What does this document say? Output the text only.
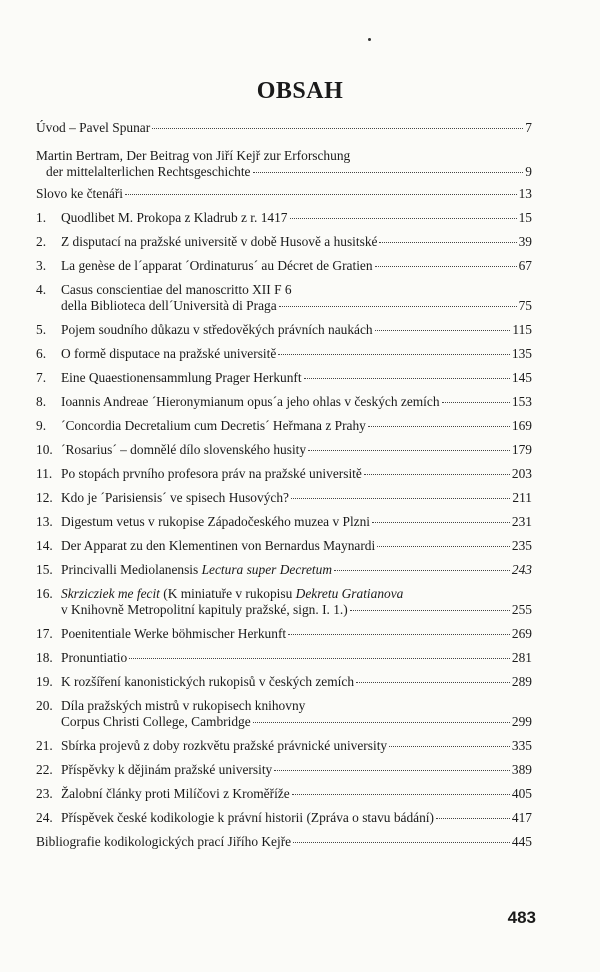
OBSAH
Úvod – Pavel Spunar	7
Martin Bertram, Der Beitrag von Jiří Kejř zur Erforschung
der mittelalterlichen Rechtsgeschichte	9
Slovo ke čtenáři	13
1.	Quodlibet M. Prokopa z Kladrub z r. 1417	15
2.	Z disputací na pražské universitě v době Husově a husitské	39
3.	La genèse de l´apparat ´Ordinaturus´ au Décret de Gratien	67
4.	Casus conscientiae del manoscritto XII F 6
della Biblioteca dell´Università di Praga	75
5.	Pojem soudního důkazu v středověkých právních naukách	115
6.	O formě disputace na pražské universitě	135
7.	Eine Quaestionensammlung Prager Herkunft	145
8.	Ioannis Andreae ´Hieronymianum opus´a jeho ohlas v českých zemích	153
9.	´Concordia Decretalium cum Decretis´ Heřmana z Prahy	169
10. ´Rosarius´ – domnělé dílo slovenského husity	179
11. Po stopách prvního profesora práv na pražské universitě	203
12. Kdo je ´Parisiensis´ ve spisech Husových?	211
13. Digestum vetus v rukopise Západočeského muzea v Plzni	231
14. Der Apparat zu den Klementinen von Bernardus Maynardi	235
15. Princivalli Mediolanensis Lectura super Decretum	243
16. Skrzicziek me fecit (K miniatuře v rukopisu Dekretu Gratianova
v Knihovně Metropolitní kapituly pražské, sign. I. 1.)	255
17. Poenitentiale Werke böhmischer Herkunft	269
18. Pronuntiatio	281
19. K rozšíření kanonistických rukopisů v českých zemích	289
20. Díla pražských mistrů v rukopisech knihovny
Corpus Christi College, Cambridge	299
21. Sbírka projevů z doby rozkvětu pražské právnické university	335
22. Příspěvky k dějinám pražské university	389
23. Žalobní články proti Milíčovi z Kroměříže	405
24. Příspěvek české kodikologie k právní historii (Zpráva o stavu bádání)	417
Bibliografie kodikologických prací Jiřího Kejře	445
483
